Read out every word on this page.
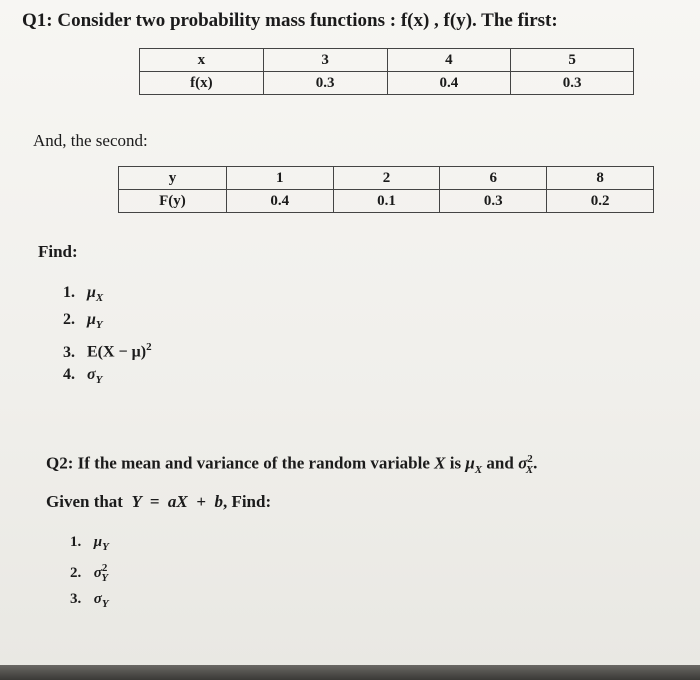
Q1: Consider two probability mass functions : f(x) , f(y). The first:
x	3	4	5

f(x)	0.3	0.4	0.3
And, the second:
y	1	2	6	8

F(y)	0.4	0.1	0.3	0.2
Find:
1. $\mu_X$
2. $\mu_Y$
3. $E(X - \mu)^2$
4. $\sigma_Y$
Q2: If the mean and variance of the random variable X is $\mu_X$ and $\sigma^2_X$.
Given that Y  =  aX  +  b, Find:
1. $\mu_Y$
2. $\sigma^2_Y$
3. $\sigma_Y$
